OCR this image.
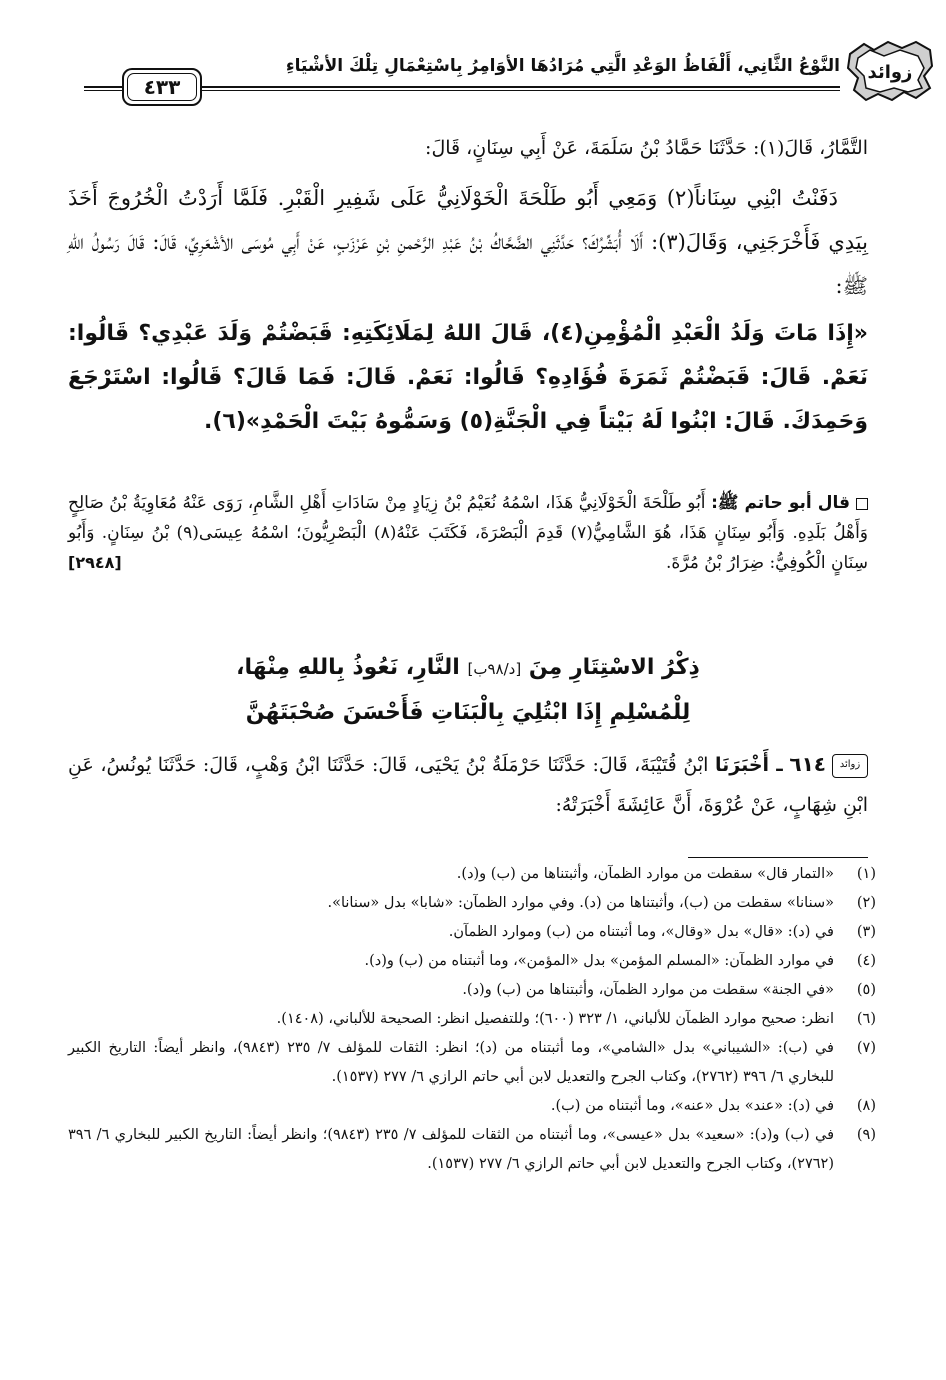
زوائد
النَّوْعُ الثَّانِي، أَلْفَاظُ الوَعْدِ الَّتِي مُرَادُهَا الأوَامِرُ بِاسْتِعْمَالِ تِلْكَ الأشْيَاءِ
٤٣٣

التَّمَّارُ، قَالَ(١): حَدَّثَنَا حَمَّادُ بْنُ سَلَمَةَ، عَنْ أَبِي سِنَانٍ، قَالَ:

دَفَنْتُ ابْنِي سِنَاناً(٢) وَمَعِي أَبُو طَلْحَةَ الْخَوْلَانِيُّ عَلَى شَفِيرِ الْقَبْرِ. فَلَمَّا أَرَدْتُ الْخُرُوجَ أَخَذَ بِيَدِي فَأَخْرَجَنِي، وَقَالَ(٣): أَلَا أُبَشِّرُكَ؟ حَدَّثَنِي الضَّحَّاكُ بْنُ عَبْدِ الرَّحْمنِ بْنِ عَرْزَبٍ، عَنْ أَبِي مُوسَى الأشْعَرِيِّ، قَالَ: قَالَ رَسُولُ اللهِ ﷺ:

«إِذَا مَاتَ وَلَدُ الْعَبْدِ الْمُؤْمِنِ(٤)، قَالَ اللهُ لِمَلَائِكَتِهِ: قَبَضْتُمْ وَلَدَ عَبْدِي؟ قَالُوا: نَعَمْ. قَالَ: قَبَضْتُمْ ثَمَرَةَ فُؤَادِهِ؟ قَالُوا: نَعَمْ. قَالَ: فَمَا قَالَ؟ قَالُوا: اسْتَرْجَعَ وَحَمِدَكَ. قَالَ: ابْنُوا لَهُ بَيْتاً فِي الْجَنَّةِ(٥) وَسَمُّوهُ بَيْتَ الْحَمْدِ»(٦).

قال أبو حاتم ﷺ: أَبُو طَلْحَةَ الْخَوْلَانِيُّ هَذَا، اسْمُهُ نُعَيْمُ بْنُ زِيَادٍ مِنْ سَادَاتِ أَهْلِ الشَّامِ، رَوَى عَنْهُ مُعَاوِيَةُ بْنُ صَالِحٍ وَأَهْلُ بَلَدِهِ. وَأَبُو سِنَانٍ هَذَا، هُوَ الشَّامِيُّ(٧) قَدِمَ الْبَصْرَةَ، فَكَتَبَ عَنْهُ(٨) الْبَصْرِيُّونَ؛ اسْمُهُ عِيسَى(٩) بْنُ سِنَانٍ. وَأَبُو سِنَانٍ الْكُوفِيُّ: ضِرَارُ بْنُ مُرَّةَ.
[٢٩٤٨]

ذِكْرُ الاسْتِتَارِ مِنَ [د/٩٨ب] النَّارِ، نَعُوذُ بِاللهِ مِنْهَا،
لِلْمُسْلِمِ إِذَا ابْتُلِيَ بِالْبَنَاتِ فَأَحْسَنَ صُحْبَتَهُنَّ

زوائد
٦١٤ ـ أَخْبَرَنَا ابْنُ قُتَيْبَةَ، قَالَ: حَدَّثَنَا حَرْمَلَةُ بْنُ يَحْيَى، قَالَ: حَدَّثَنَا ابْنُ وَهْبٍ، قَالَ: حَدَّثَنَا يُونُسُ، عَنِ ابْنِ شِهَابٍ، عَنْ عُرْوَةَ، أَنَّ عَائِشَةَ أَخْبَرَتْهُ:

(١)
«التمار قال» سقطت من موارد الظمآن، وأثبتناها من (ب) و(د).
(٢)
«سنانا» سقطت من (ب)، وأثبتناها من (د). وفي موارد الظمآن: «شابا» بدل «سنانا».
(٣)
في (د): «قال» بدل «وقال»، وما أثبتناه من (ب) وموارد الظمآن.
(٤)
في موارد الظمآن: «المسلم المؤمن» بدل «المؤمن»، وما أثبتناه من (ب) و(د).
(٥)
«في الجنة» سقطت من موارد الظمآن، وأثبتناها من (ب) و(د).
(٦)
انظر: صحيح موارد الظمآن للألباني، ١/ ٣٢٣ (٦٠٠)؛ وللتفصيل انظر: الصحيحة للألباني، (١٤٠٨).
(٧)
في (ب): «الشيباني» بدل «الشامي»، وما أثبتناه من (د)؛ انظر: الثقات للمؤلف ٧/ ٢٣٥ (٩٨٤٣)، وانظر أيضاً: التاريخ الكبير للبخاري ٦/ ٣٩٦ (٢٧٦٢)، وكتاب الجرح والتعديل لابن أبي حاتم الرازي ٦/ ٢٧٧ (١٥٣٧).
(٨)
في (د): «عند» بدل «عنه»، وما أثبتناه من (ب).
(٩)
في (ب) و(د): «سعيد» بدل «عيسى»، وما أثبتناه من الثقات للمؤلف ٧/ ٢٣٥ (٩٨٤٣)؛ وانظر أيضاً: التاريخ الكبير للبخاري ٦/ ٣٩٦ (٢٧٦٢)، وكتاب الجرح والتعديل لابن أبي حاتم الرازي ٦/ ٢٧٧ (١٥٣٧).
